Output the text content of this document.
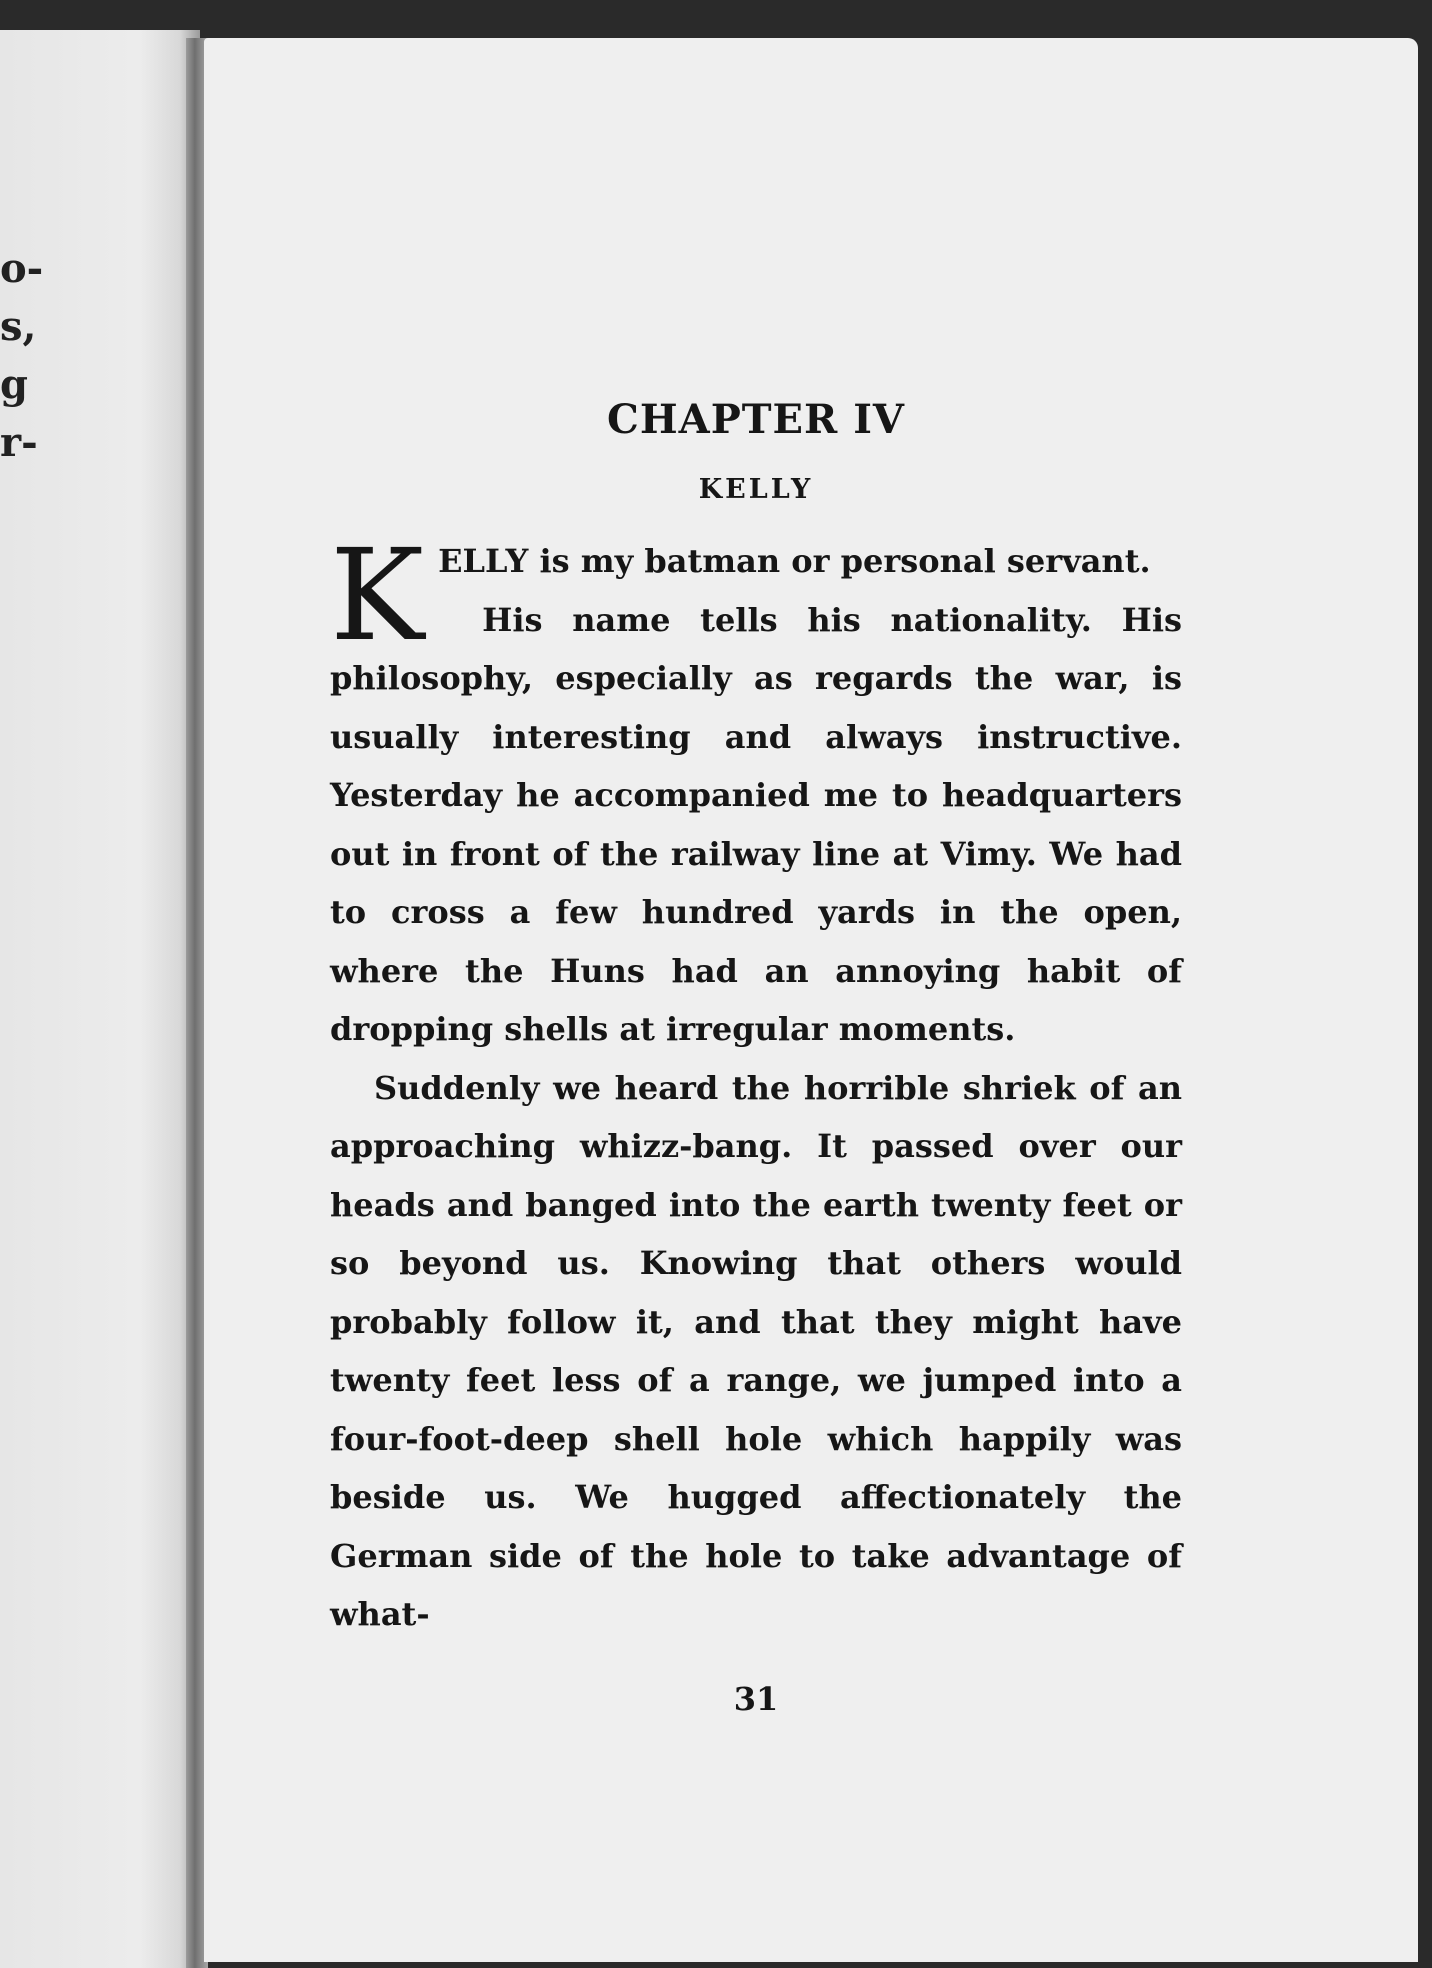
o-
s,
g
r-	CHAPTER IV
KELLY

KELLY is my batman or personal servant.

His name tells his nationality. His philosophy, especially as regards the war, is usually interesting and always instructive. Yesterday he accompanied me to headquarters out in front of the railway line at Vimy. We had to cross a few hundred yards in the open, where the Huns had an annoying habit of dropping shells at irregular moments.

Suddenly we heard the horrible shriek of an approaching whizz-bang. It passed over our heads and banged into the earth twenty feet or so beyond us. Knowing that others would probably follow it, and that they might have twenty feet less of a range, we jumped into a four-foot-deep shell hole which happily was beside us. We hugged affectionately the German side of the hole to take advantage of what-

31
